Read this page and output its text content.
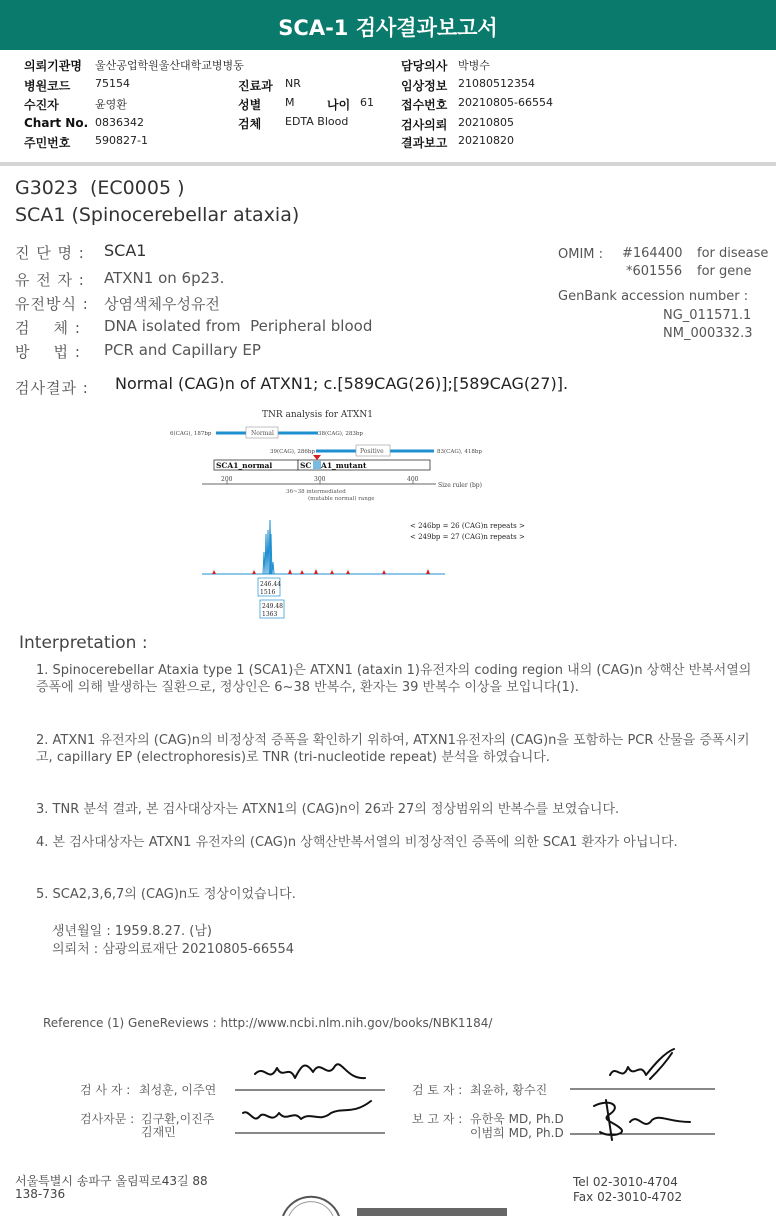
SCA-1 검사결과보고서
의뢰기관명 울산공업학원울산대학교병병동
병원코드 75154	진료과 NR
수진자	윤영환	성별 M	나이 61
Chart No. 0836342	검체 EDTA Blood
주민번호 590827-1
담당의사 박병수
임상정보 21080512354
접수번호 20210805-66554
검사의뢰 20210805
결과보고 20210820
G3023 (EC0005 )
SCA1 (Spinocerebellar ataxia)
진 단 명 : SCA1
유 전 자 : ATXN1 on 6p23.
유전방식 : 상염색체우성유전
검    체 : DNA isolated from  Peripheral blood
방    법 : PCR and Capillary EP
OMIM : #164400 for disease
*601556 for gene
GenBank accession number :
NG_011571.1
NM_000332.3
검사결과 : Normal (CAG)n of ATXN1; c.[589CAG(26)];[589CAG(27)].
TNR analysis for ATXN1
6(CAG), 187bp	Normal	38(CAG), 283bp
39(CAG), 286bp	Positive	83(CAG), 418bp
SCA1_normal	SC A1_mutant
200	300	400
Size ruler (bp)
36~38 intermediated
(mutable normal) range
< 246bp = 26 (CAG)n repeats >
< 249bp = 27 (CAG)n repeats >
246.44
1516
249.48
1363
Interpretation :
1. Spinocerebellar Ataxia type 1 (SCA1)은 ATXN1 (ataxin 1)유전자의 coding region 내의 (CAG)n 상핵산 반복서열의 증폭에 의해 발생하는 질환으로, 정상인은 6~38 반복수, 환자는 39 반복수 이상을 보입니다(1).
2. ATXN1 유전자의 (CAG)n의 비정상적 증폭을 확인하기 위하여, ATXN1유전자의 (CAG)n을 포함하는 PCR 산물을 증폭시키고, capillary EP (electrophoresis)로 TNR (tri-nucleotide repeat) 분석을 하였습니다.
3. TNR 분석 결과, 본 검사대상자는 ATXN1의 (CAG)n이 26과 27의 정상범위의 반복수를 보였습니다.
4. 본 검사대상자는 ATXN1 유전자의 (CAG)n 상핵산반복서열의 비정상적인 증폭에 의한 SCA1 환자가 아닙니다.
5. SCA2,3,6,7의 (CAG)n도 정상이었습니다.
생년월일 : 1959.8.27. (남)
의뢰처 : 삼광의료재단 20210805-66554
Reference (1) GeneReviews : http://www.ncbi.nlm.nih.gov/books/NBK1184/
검 사 자 : 최성훈, 이주연	검 토 자 : 최윤하, 황수진
검사자문 : 김구환,이진주
김재민
보 고 자 : 유한욱 MD, Ph.D
이범희 MD, Ph.D
서울특별시 송파구 올림픽로43길 88
138-736
Tel 02-3010-4704
Fax 02-3010-4702
